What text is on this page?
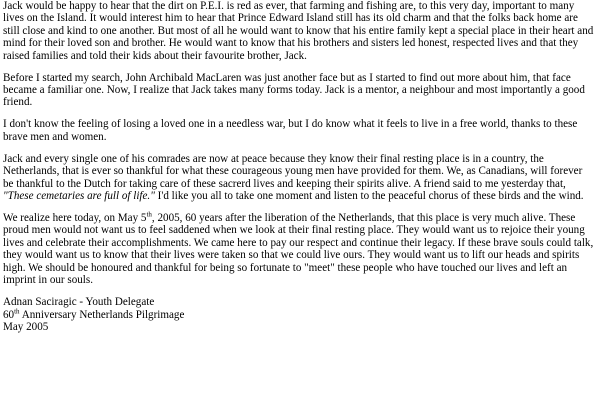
Jack would be happy to hear that the dirt on P.E.I. is red as ever, that farming and fishing are, to this very day, important to many lives on the Island. It would interest him to hear that Prince Edward Island still has its old charm and that the folks back home are still close and kind to one another. But most of all he would want to know that his entire family kept a special place in their heart and mind for their loved son and brother. He would want to know that his brothers and sisters led honest, respected lives and that they raised families and told their kids about their favourite brother, Jack.

Before I started my search, John Archibald MacLaren was just another face but as I started to find out more about him, that face became a familiar one. Now, I realize that Jack takes many forms today. Jack is a mentor, a neighbour and most importantly a good friend.

I don't know the feeling of losing a loved one in a needless war, but I do know what it feels to live in a free world, thanks to these brave men and women.

Jack and every single one of his comrades are now at peace because they know their final resting place is in a country, the Netherlands, that is ever so thankful for what these courageous young men have provided for them. We, as Canadians, will forever be thankful to the Dutch for taking care of these sacrerd lives and keeping their spirits alive. A friend said to me yesterday that, "These cemetaries are full of life." I'd like you all to take one moment and listen to the peaceful chorus of these birds and the wind.

We realize here today, on May 5th, 2005, 60 years after the liberation of the Netherlands, that this place is very much alive. These proud men would not want us to feel saddened when we look at their final resting place. They would want us to rejoice their young lives and celebrate their accomplishments. We came here to pay our respect and continue their legacy. If these brave souls could talk, they would want us to know that their lives were taken so that we could live ours. They would want us to lift our heads and spirits high. We should be honoured and thankful for being so fortunate to "meet" these people who have touched our lives and left an imprint in our souls.

Adnan Saciragic - Youth Delegate

60th Anniversary Netherlands Pilgrimage

May 2005
